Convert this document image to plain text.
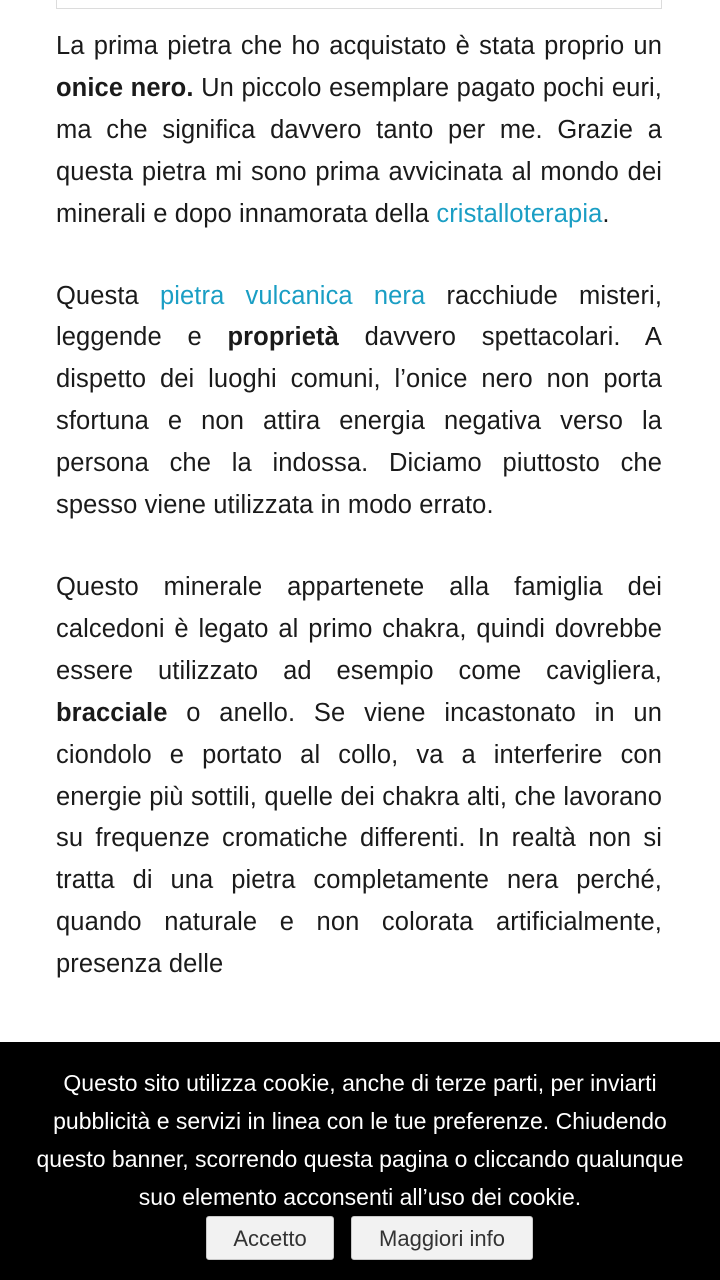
La prima pietra che ho acquistato è stata proprio un onice nero. Un piccolo esemplare pagato pochi euri, ma che significa davvero tanto per me. Grazie a questa pietra mi sono prima avvicinata al mondo dei minerali e dopo innamorata della cristalloterapia.

Questa pietra vulcanica nera racchiude misteri, leggende e proprietà davvero spettacolari. A dispetto dei luoghi comuni, l’onice nero non porta sfortuna e non attira energia negativa verso la persona che la indossa. Diciamo piuttosto che spesso viene utilizzata in modo errato.

Questo minerale appartenete alla famiglia dei calcedoni è legato al primo chakra, quindi dovrebbe essere utilizzato ad esempio come cavigliera, bracciale o anello. Se viene incastonato in un ciondolo e portato al collo, va a interferire con energie più sottili, quelle dei chakra alti, che lavorano su frequenze cromatiche differenti. In realtà non si tratta di una pietra completamente nera perché, quando naturale e non colorata artificialmente, presenza delle

Questo sito utilizza cookie, anche di terze parti, per inviarti pubblicità e servizi in linea con le tue preferenze. Chiudendo questo banner, scorrendo questa pagina o cliccando qualunque suo elemento acconsenti all’uso dei cookie.

Accetto	Maggiori info
